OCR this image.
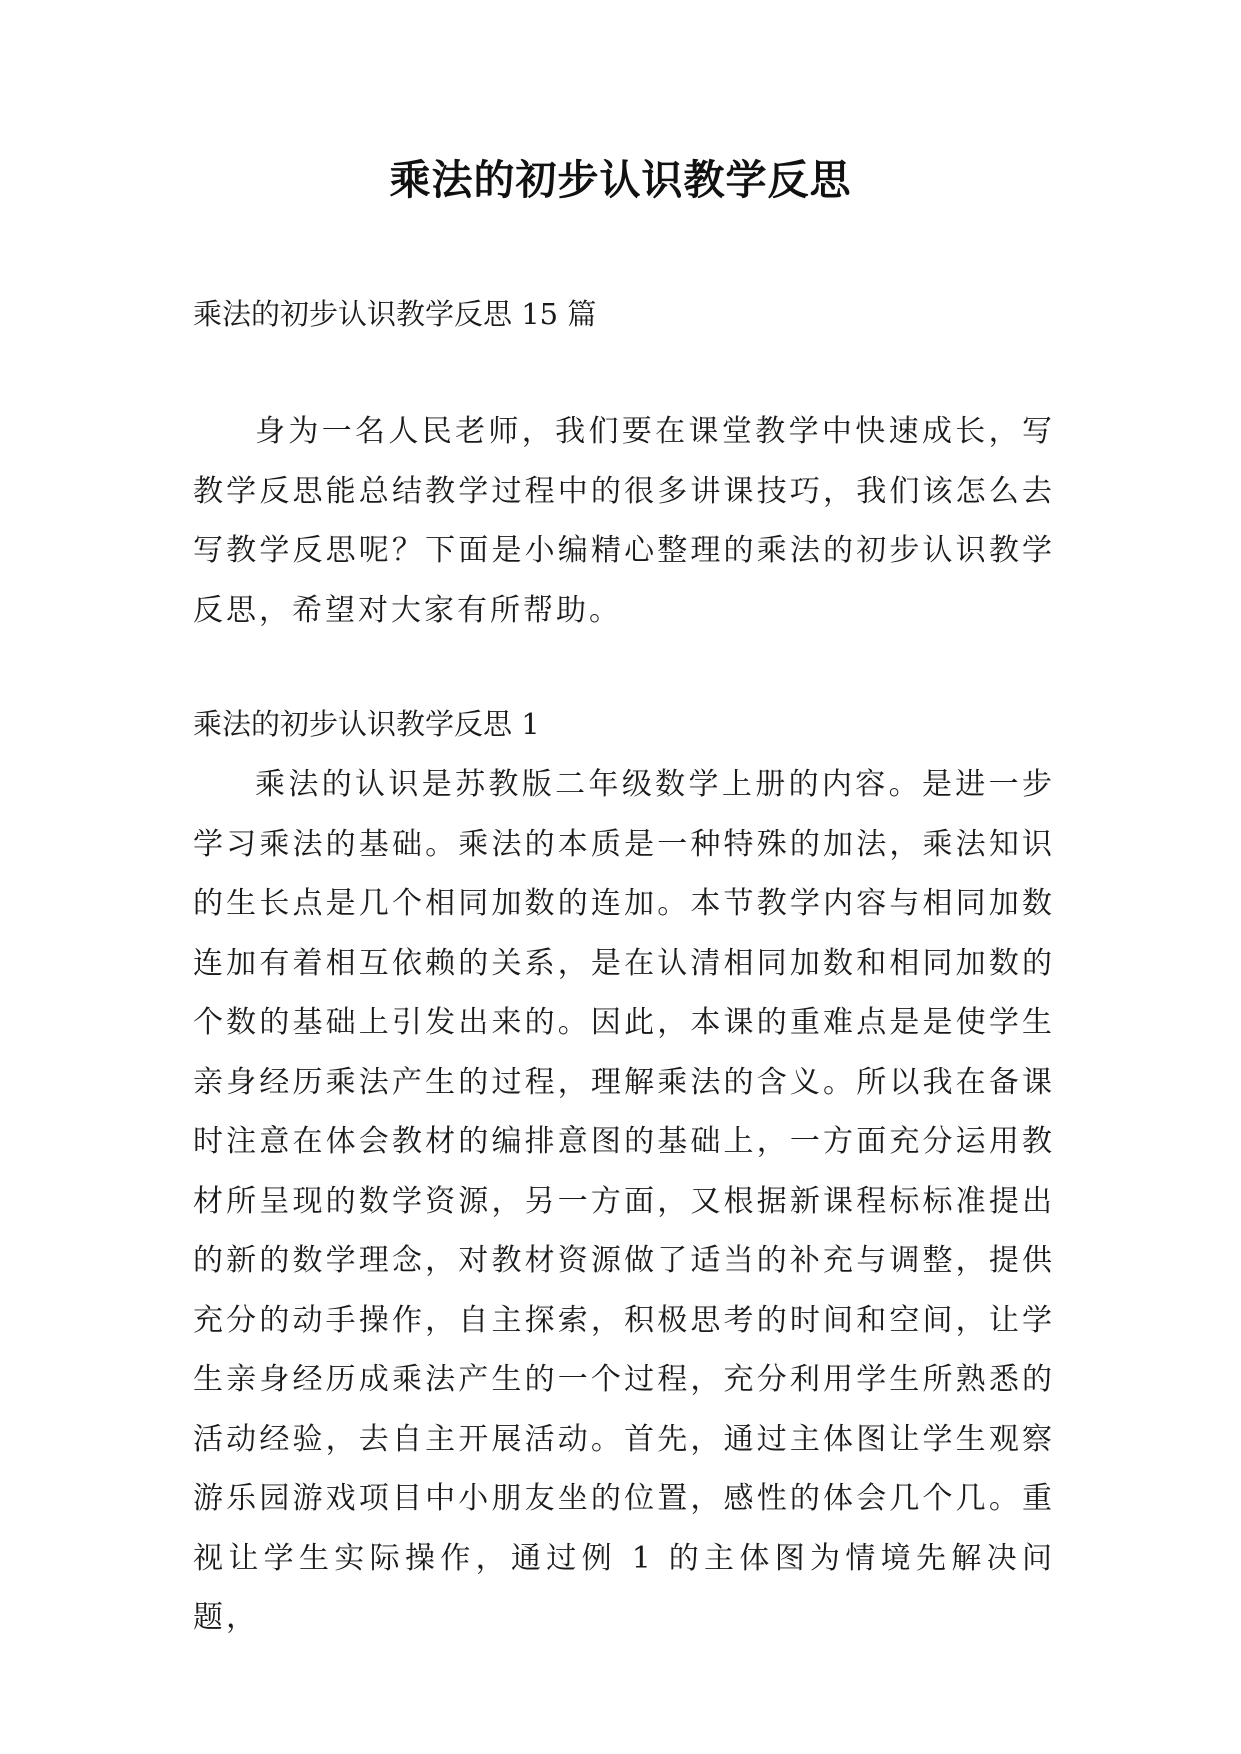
乘法的初步认识教学反思

乘法的初步认识教学反思 15 篇

身为一名人民老师，我们要在课堂教学中快速成长，写教学反思能总结教学过程中的很多讲课技巧，我们该怎么去写教学反思呢？下面是小编精心整理的乘法的初步认识教学反思，希望对大家有所帮助。

乘法的初步认识教学反思 1

乘法的认识是苏教版二年级数学上册的内容。是进一步学习乘法的基础。乘法的本质是一种特殊的加法，乘法知识的生长点是几个相同加数的连加。本节教学内容与相同加数连加有着相互依赖的关系，是在认清相同加数和相同加数的个数的基础上引发出来的。因此，本课的重难点是是使学生亲身经历乘法产生的过程，理解乘法的含义。所以我在备课时注意在体会教材的编排意图的基础上，一方面充分运用教材所呈现的数学资源，另一方面，又根据新课程标标准提出的新的数学理念，对教材资源做了适当的补充与调整，提供充分的动手操作，自主探索，积极思考的时间和空间，让学生亲身经历成乘法产生的一个过程，充分利用学生所熟悉的活动经验，去自主开展活动。首先，通过主体图让学生观察游乐园游戏项目中小朋友坐的位置，感性的体会几个几。重视让学生实际操作，通过例 1 的主体图为情境先解决问题，
